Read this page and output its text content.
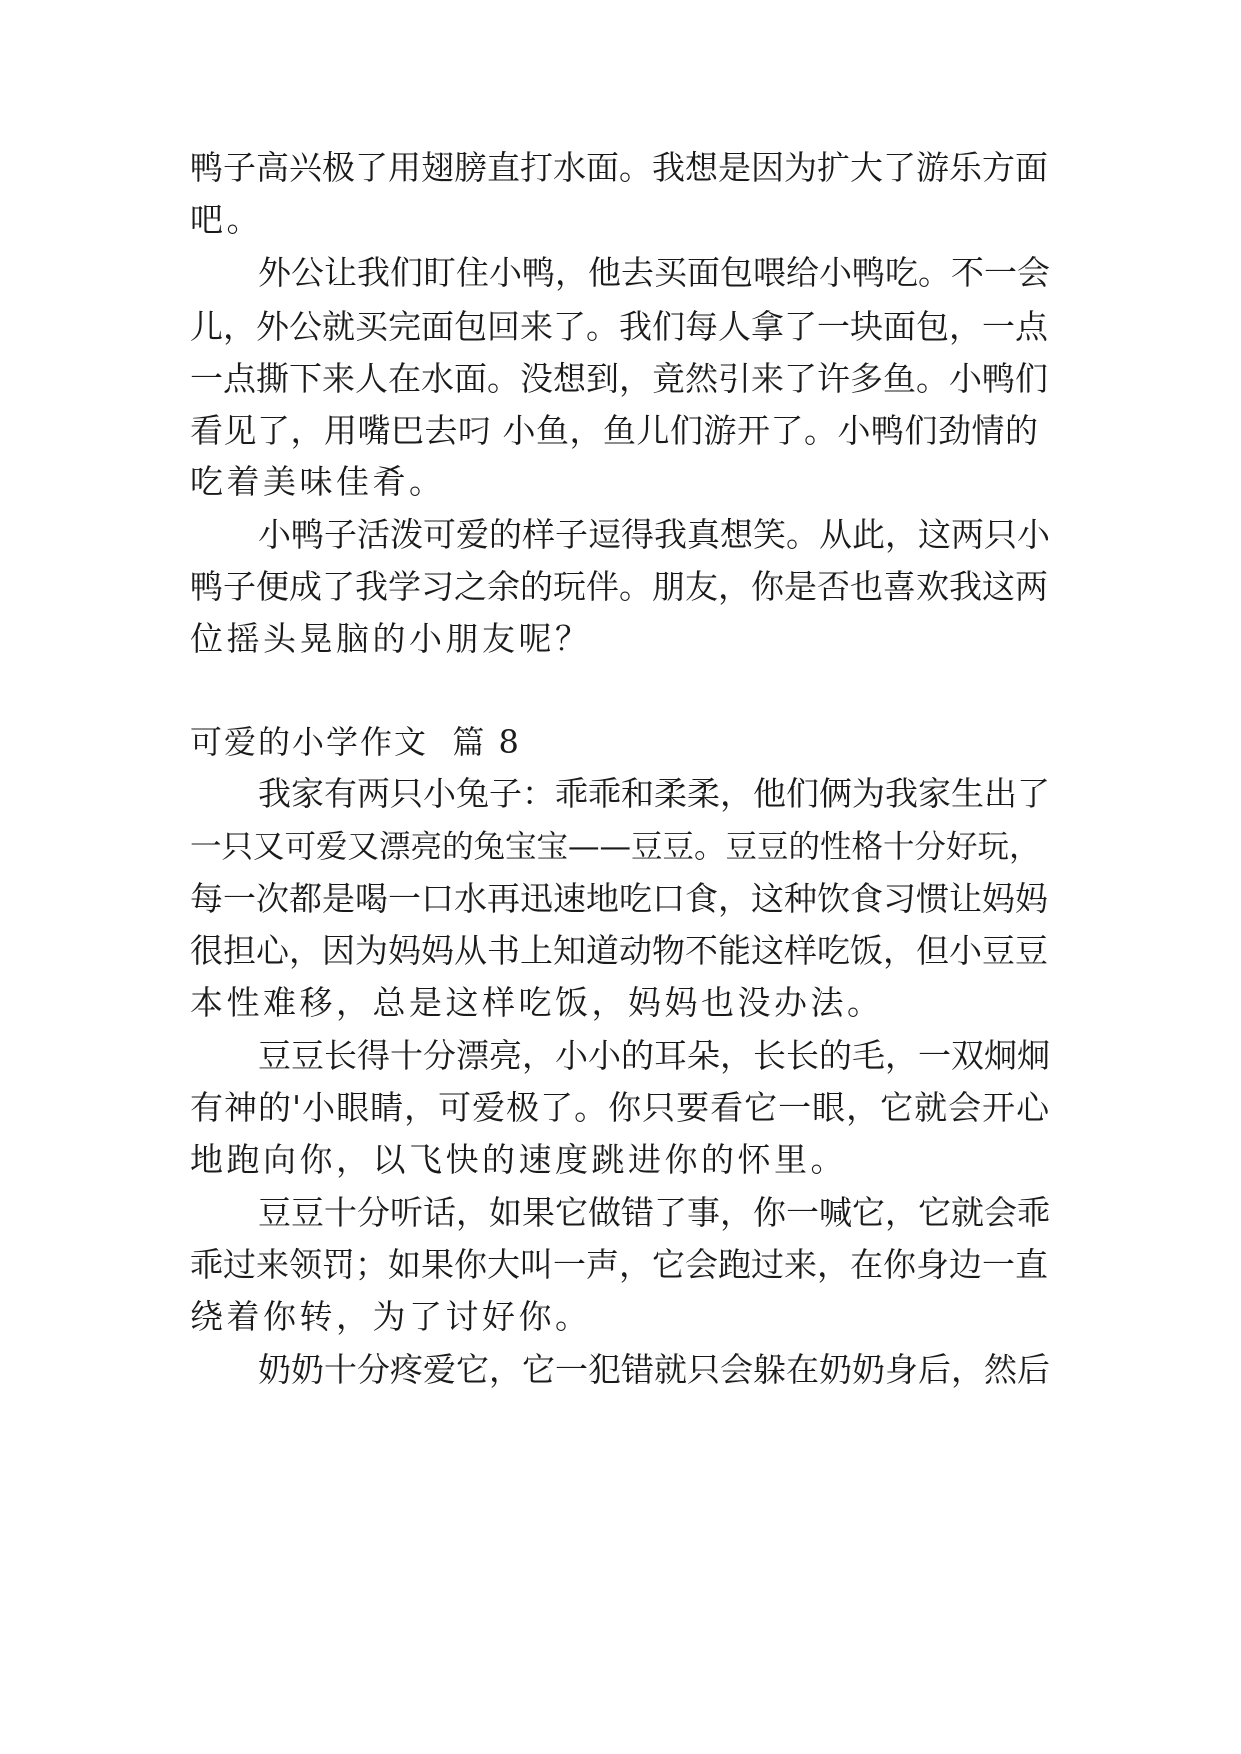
鸭子高兴极了用翅膀直打水面。我想是因为扩大了游乐方面
吧。
外公让我们盯住小鸭，他去买面包喂给小鸭吃。不一会
儿，外公就买完面包回来了。我们每人拿了一块面包，一点
一点撕下来人在水面。没想到，竟然引来了许多鱼。小鸭们
看见了，用嘴巴去叼 小鱼，鱼儿们游开了。小鸭们劲情的
吃着美味佳肴。
小鸭子活泼可爱的样子逗得我真想笑。从此，这两只小
鸭子便成了我学习之余的玩伴。朋友，你是否也喜欢我这两
位摇头晃脑的小朋友呢？
可爱的小学作文  篇 8
我家有两只小兔子：乖乖和柔柔，他们俩为我家生出了
一只又可爱又漂亮的兔宝宝——豆豆。豆豆的性格十分好玩，
每一次都是喝一口水再迅速地吃口食，这种饮食习惯让妈妈
很担心，因为妈妈从书上知道动物不能这样吃饭，但小豆豆
本性难移，总是这样吃饭，妈妈也没办法。
豆豆长得十分漂亮，小小的耳朵，长长的毛，一双炯炯
有神的'小眼睛，可爱极了。你只要看它一眼，它就会开心
地跑向你，以飞快的速度跳进你的怀里。
豆豆十分听话，如果它做错了事，你一喊它，它就会乖
乖过来领罚；如果你大叫一声，它会跑过来，在你身边一直
绕着你转，为了讨好你。
奶奶十分疼爱它，它一犯错就只会躲在奶奶身后，然后
